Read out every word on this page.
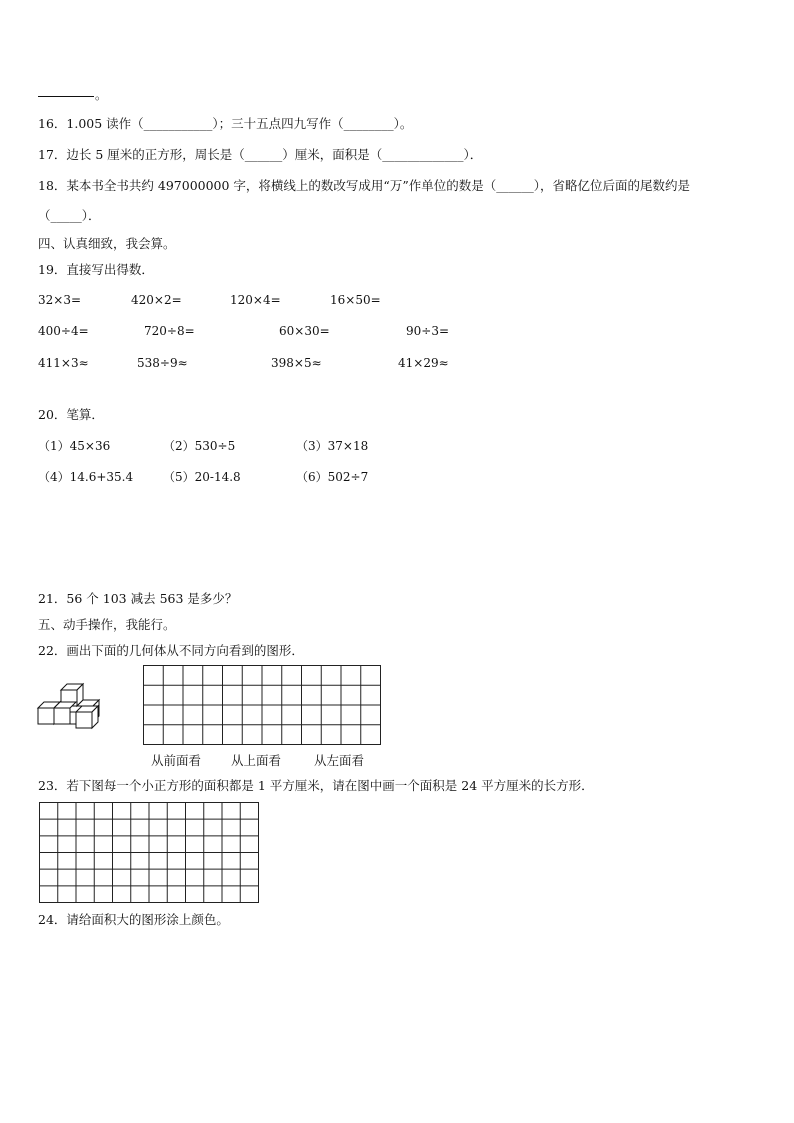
。
16．1.005 读作（___________）；三十五点四九写作（________）。
17．边长 5 厘米的正方形，周长是（______）厘米，面积是（_____________）．
18．某本书全书共约 497000000 字，将横线上的数改写成用“万”作单位的数是（______），省略亿位后面的尾数约是
（_____）．
四、认真细致，我会算。
19．直接写出得数．
32×3=	420×2=	120×4=	16×50=
400÷4=	720÷8=	60×30=	90÷3=
411×3≈	538÷9≈	398×5≈	41×29≈
20．笔算．
（1）45×36	（2）530÷5	（3）37×18
（4）14.6+35.4 （5）20-14.8	（6）502÷7
21．56 个 103 减去 563 是多少？
五、动手操作，我能行。
22．画出下面的几何体从不同方向看到的图形．
从前面看 从上面看	从左面看
23．若下图每一个小正方形的面积都是 1 平方厘米，请在图中画一个面积是 24 平方厘米的长方形．
24．请给面积大的图形涂上颜色。
